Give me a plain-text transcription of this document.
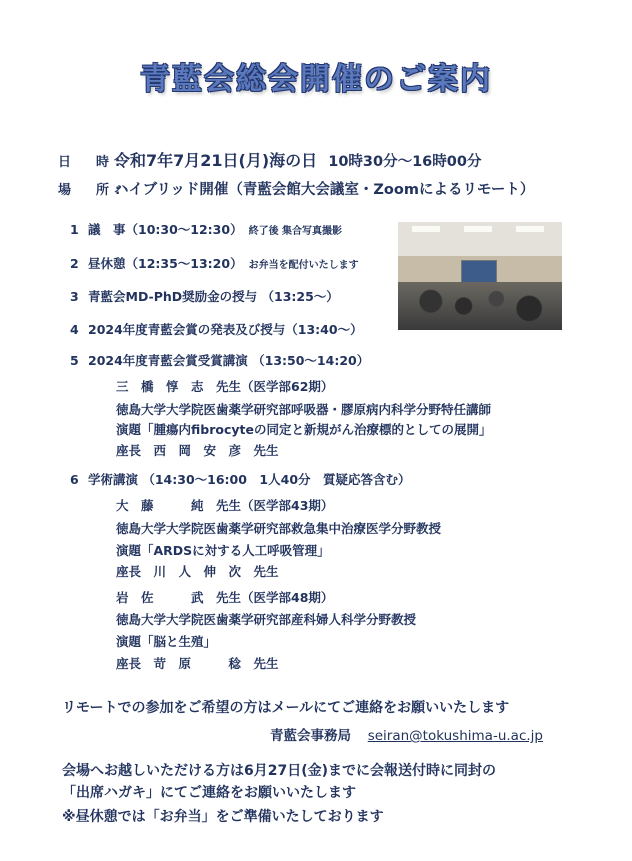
青藍会総会開催のご案内
日　時:令和7年7月21日(月)海の日 10時30分〜16時00分
場　所:ハイブリッド開催（青藍会館大会議室・Zoomによるリモート）
1 議　事（10:30〜12:30） 終了後 集合写真撮影
2 昼休憩（12:35〜13:20） お弁当を配付いたします
3 青藍会MD-PhD奨励金の授与 （13:25〜）
4 2024年度青藍会賞の発表及び授与（13:40〜）
5 2024年度青藍会賞受賞講演 （13:50〜14:20）
三　橋　惇　志　先生（医学部62期）
徳島大学大学院医歯薬学研究部呼吸器・膠原病内科学分野特任講師
演題「腫瘍内fibrocyteの同定と新規がん治療標的としての展開」
座長　西　岡　安　彦　先生
6 学術講演 （14:30〜16:00　1人40分　質疑応答含む）
大　藤　　　純　先生（医学部43期）
徳島大学大学院医歯薬学研究部救急集中治療医学分野教授
演題「ARDSに対する人工呼吸管理」
座長　川　人　伸　次　先生
岩　佐　　　武　先生（医学部48期）
徳島大学大学院医歯薬学研究部産科婦人科学分野教授
演題「脳と生殖」
座長　苛　原　　　稔　先生
リモートでの参加をご希望の方はメールにてご連絡をお願いいたします
青藍会事務局 seiran@tokushima-u.ac.jp
会場へお越しいただける方は6月27日(金)までに会報送付時に同封の
「出席ハガキ」にてご連絡をお願いいたします
※昼休憩では「お弁当」をご準備いたしております
